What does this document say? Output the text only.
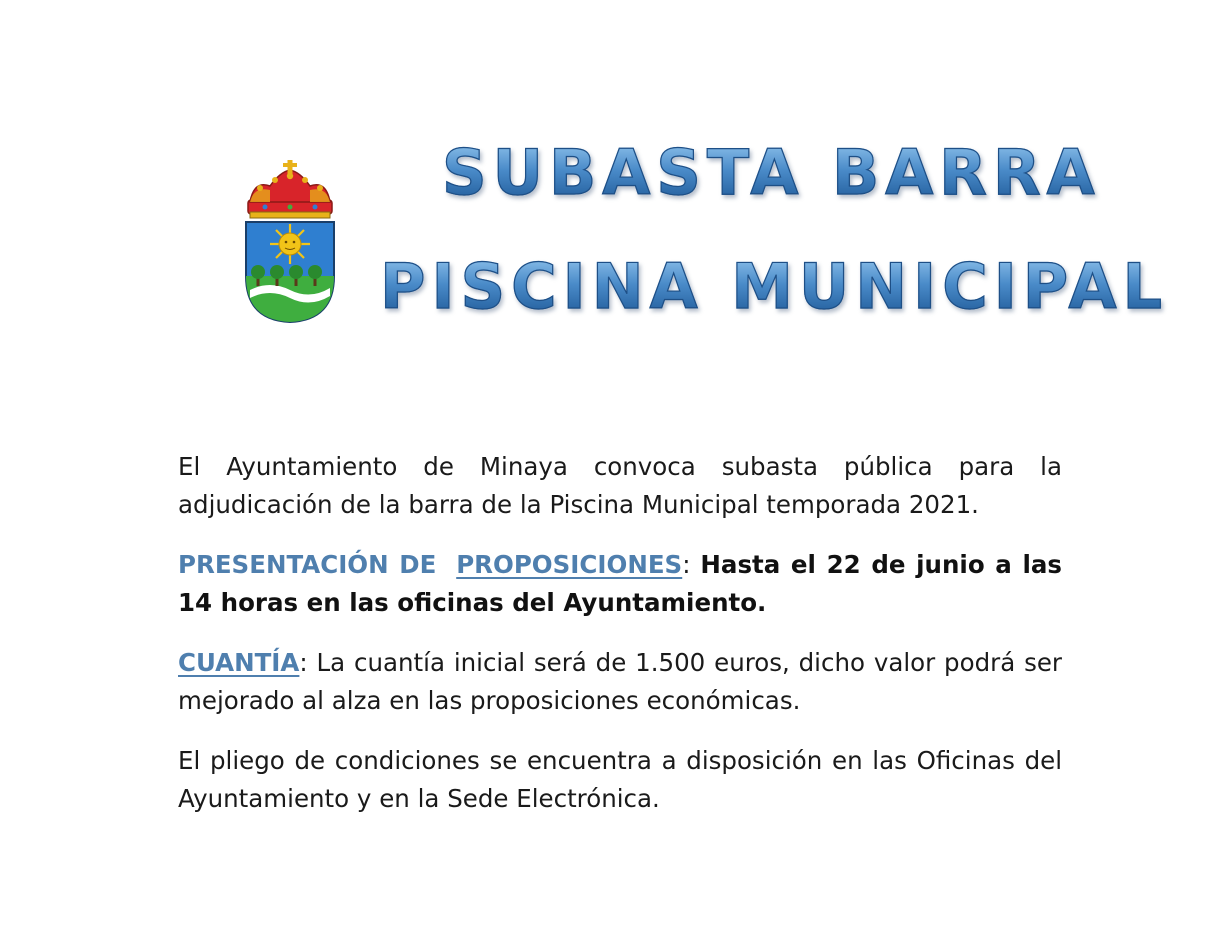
SUBASTA BARRA
PISCINA MUNICIPAL

El Ayuntamiento de Minaya convoca subasta pública para la adjudicación de la barra de la Piscina Municipal temporada 2021.

PRESENTACIÓN DE PROPOSICIONES: Hasta el 22 de junio a las 14 horas en las oficinas del Ayuntamiento.

CUANTÍA: La cuantía inicial será de 1.500 euros, dicho valor podrá ser mejorado al alza en las proposiciones económicas.

El pliego de condiciones se encuentra a disposición en las Oficinas del Ayuntamiento y en la Sede Electrónica.
